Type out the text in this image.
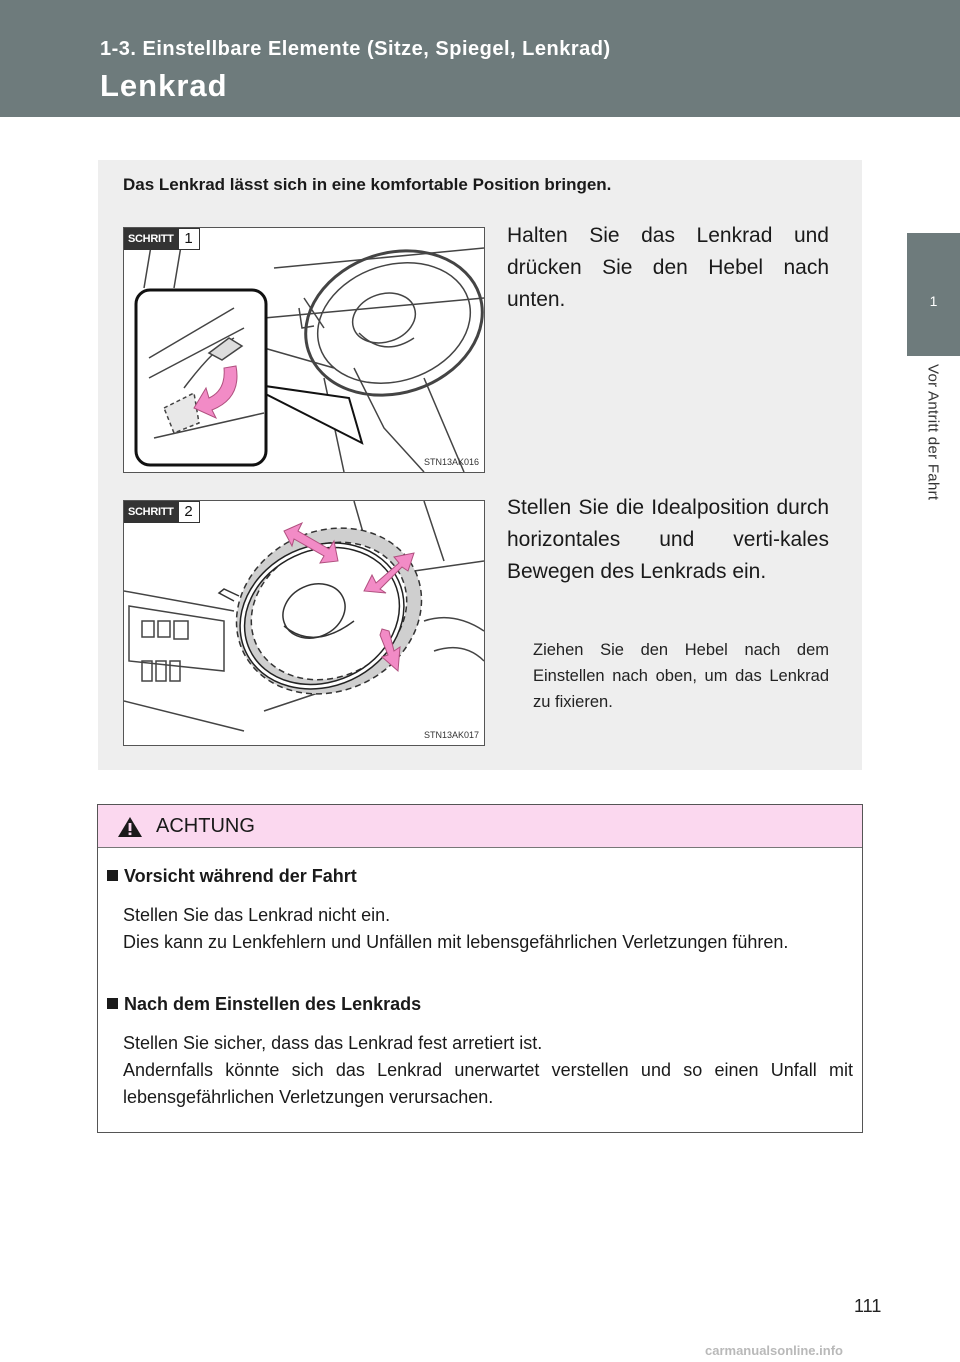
1-3. Einstellbare Elemente (Sitze, Spiegel, Lenkrad)
Lenkrad
1
Vor Antritt der Fahrt
Das Lenkrad lässt sich in eine komfortable Position bringen.
SCHRITT 1
STN13AK016
Halten Sie das Lenkrad und drücken Sie den Hebel nach unten.
SCHRITT 2
STN13AK017
Stellen Sie die Idealposition durch horizontales und verti-kales Bewegen des Lenkrads ein.
Ziehen Sie den Hebel nach dem Einstellen nach oben, um das Lenkrad zu fixieren.
ACHTUNG
Vorsicht während der Fahrt
Stellen Sie das Lenkrad nicht ein.
Dies kann zu Lenkfehlern und Unfällen mit lebensgefährlichen Verletzungen führen.
Nach dem Einstellen des Lenkrads
Stellen Sie sicher, dass das Lenkrad fest arretiert ist.
Andernfalls könnte sich das Lenkrad unerwartet verstellen und so einen Unfall mit lebensgefährlichen Verletzungen verursachen.
111
carmanualsonline.info
